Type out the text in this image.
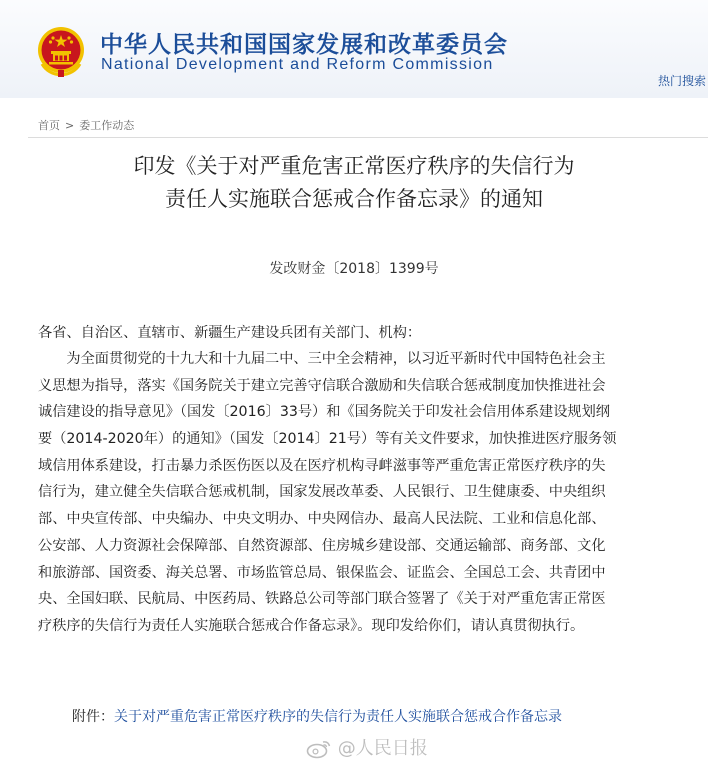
中华人民共和国国家发展和改革委员会
National Development and Reform Commission
热门搜索
首页 > 委工作动态
印发《关于对严重危害正常医疗秩序的失信行为
责任人实施联合惩戒合作备忘录》的通知
发改财金〔2018〕1399号
各省、自治区、直辖市、新疆生产建设兵团有关部门、机构：
　　为全面贯彻党的十九大和十九届二中、三中全会精神，以习近平新时代中国特色社会主
义思想为指导，落实《国务院关于建立完善守信联合激励和失信联合惩戒制度加快推进社会
诚信建设的指导意见》（国发〔2016〕33号）和《国务院关于印发社会信用体系建设规划纲
要（2014-2020年）的通知》（国发〔2014〕21号）等有关文件要求，加快推进医疗服务领
域信用体系建设，打击暴力杀医伤医以及在医疗机构寻衅滋事等严重危害正常医疗秩序的失
信行为，建立健全失信联合惩戒机制，国家发展改革委、人民银行、卫生健康委、中央组织
部、中央宣传部、中央编办、中央文明办、中央网信办、最高人民法院、工业和信息化部、
公安部、人力资源社会保障部、自然资源部、住房城乡建设部、交通运输部、商务部、文化
和旅游部、国资委、海关总署、市场监管总局、银保监会、证监会、全国总工会、共青团中
央、全国妇联、民航局、中医药局、铁路总公司等部门联合签署了《关于对严重危害正常医
疗秩序的失信行为责任人实施联合惩戒合作备忘录》。现印发给你们，请认真贯彻执行。
附件：关于对严重危害正常医疗秩序的失信行为责任人实施联合惩戒合作备忘录
@人民日报
